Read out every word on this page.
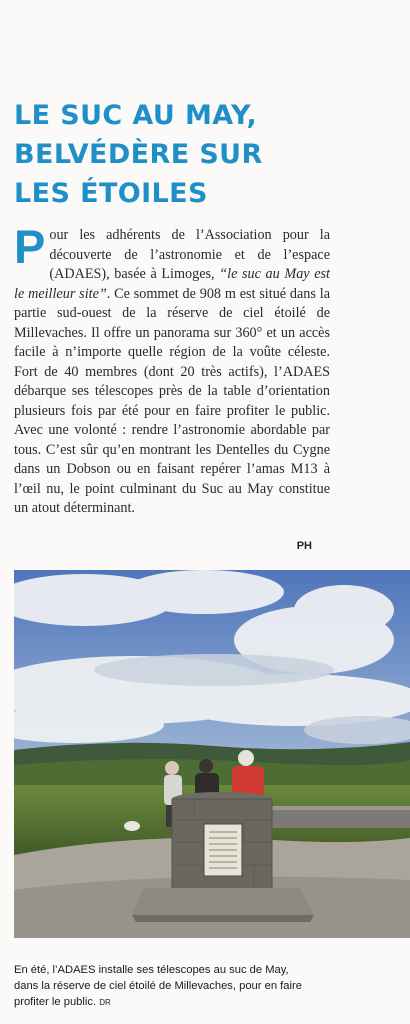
LE SUC AU MAY,
BELVÉDÈRE SUR
LES ÉTOILES

Pour les adhérents de l’Association pour la découverte de l’astronomie et de l’espace (ADAES), basée à Limoges, “le suc au May est le meilleur site”. Ce sommet de 908 m est situé dans la partie sud-ouest de la réserve de ciel étoilé de Millevaches. Il offre un panorama sur 360° et un accès facile à n’importe quelle région de la voûte céleste. Fort de 40 membres (dont 20 très actifs), l’ADAES débarque ses télescopes près de la table d’orientation plusieurs fois par été pour en faire profiter le public. Avec une volonté : rendre l’astronomie abordable par tous. C’est sûr qu’en montrant les Dentelles du Cygne dans un Dobson ou en faisant repérer l’amas M13 à l’œil nu, le point culminant du Suc au May constitue un atout déterminant.

PH
En été, l’ADAES installe ses télescopes au suc de May, dans la réserve de ciel étoilé de Millevaches, pour en faire profiter le public. DR
